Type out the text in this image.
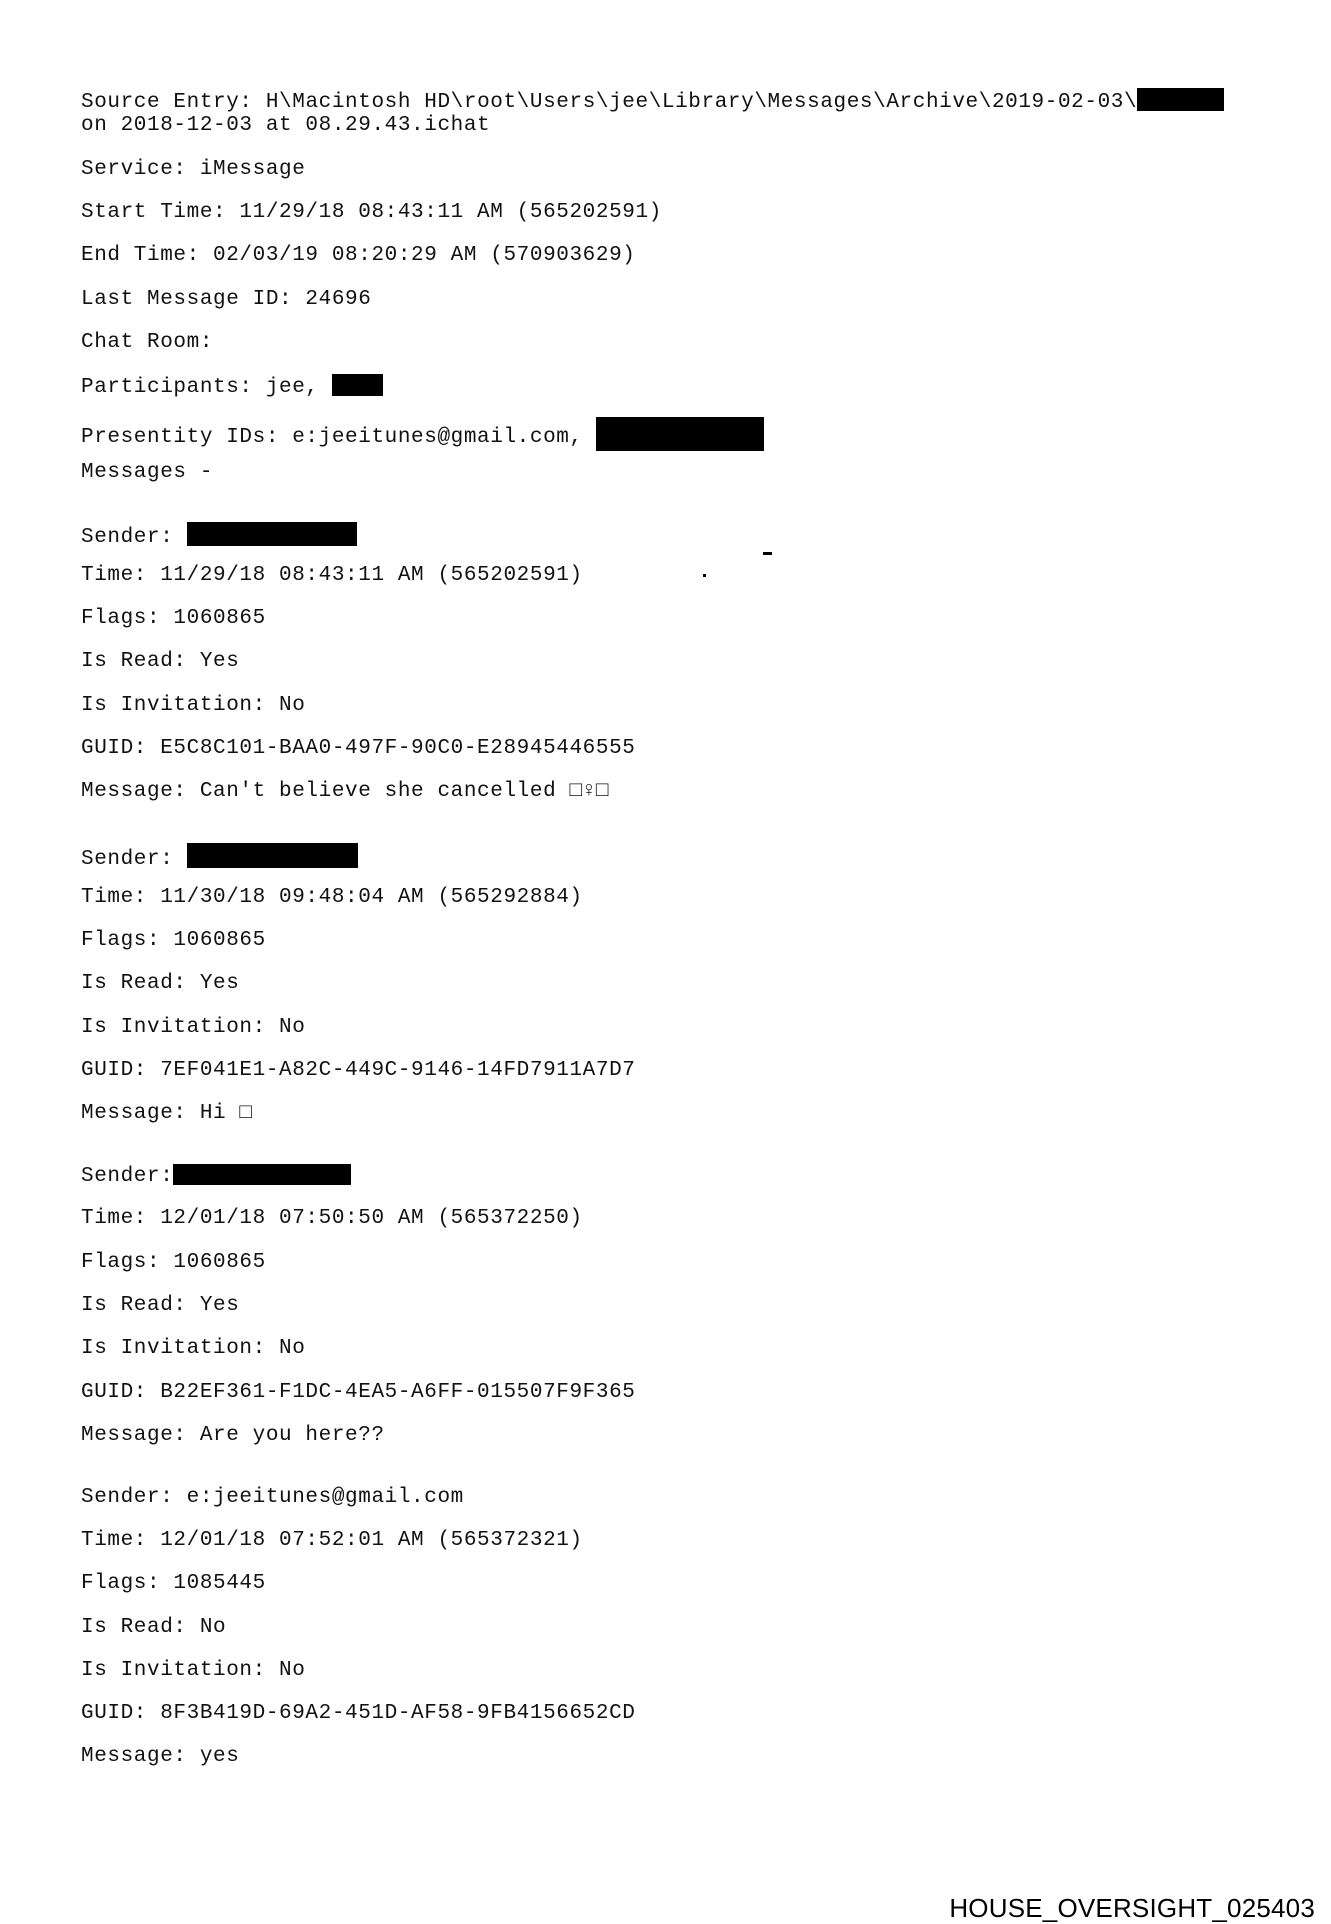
Source Entry: H\Macintosh HD\root\Users\jee\Library\Messages\Archive\2019-02-03\
on 2018-12-03 at 08.29.43.ichat
Service: iMessage
Start Time: 11/29/18 08:43:11 AM (565202591)
End Time: 02/03/19 08:20:29 AM (570903629)
Last Message ID: 24696
Chat Room:
Participants: jee,
Presentity IDs: e:jeeitunes@gmail.com,
Messages -
Sender:
Time: 11/29/18 08:43:11 AM (565202591)
Flags: 1060865
Is Read: Yes
Is Invitation: No
GUID: E5C8C101-BAA0-497F-90C0-E28945446555
Message: Can't believe she cancelled □♀□
Sender:
Time: 11/30/18 09:48:04 AM (565292884)
Flags: 1060865
Is Read: Yes
Is Invitation: No
GUID: 7EF041E1-A82C-449C-9146-14FD7911A7D7
Message: Hi □
Sender:
Time: 12/01/18 07:50:50 AM (565372250)
Flags: 1060865
Is Read: Yes
Is Invitation: No
GUID: B22EF361-F1DC-4EA5-A6FF-015507F9F365
Message: Are you here??
Sender: e:jeeitunes@gmail.com
Time: 12/01/18 07:52:01 AM (565372321)
Flags: 1085445
Is Read: No
Is Invitation: No
GUID: 8F3B419D-69A2-451D-AF58-9FB4156652CD
Message: yes
HOUSE_OVERSIGHT_025403
